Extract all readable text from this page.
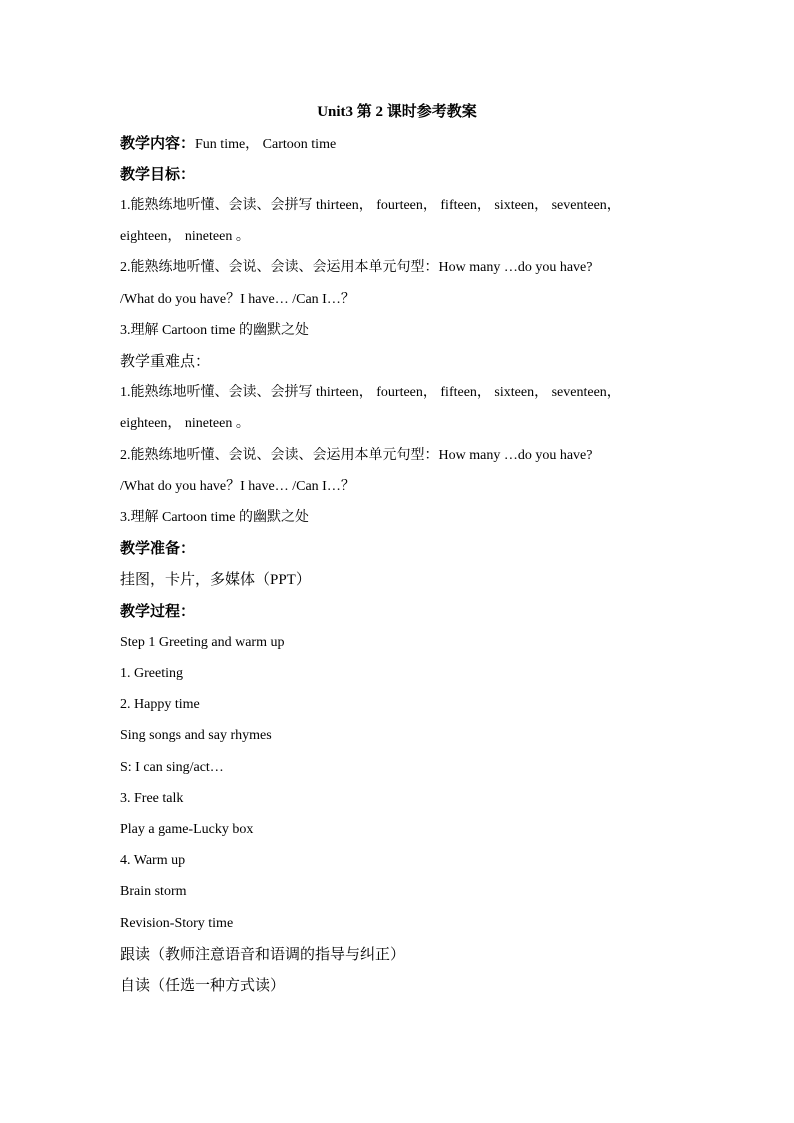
Unit3 第 2 课时参考教案
教学内容：Fun time， Cartoon time
教学目标：
1.能熟练地听懂、会读、会拼写 thirteen， fourteen， fifteen， sixteen， seventeen，
eighteen， nineteen 。
2.能熟练地听懂、会说、会读、会运用本单元句型：How many …do you have?
/What do you have？I have… /Can I…？
3.理解 Cartoon time 的幽默之处
教学重难点：
1.能熟练地听懂、会读、会拼写 thirteen， fourteen， fifteen， sixteen， seventeen，
eighteen， nineteen 。
2.能熟练地听懂、会说、会读、会运用本单元句型：How many …do you have?
/What do you have？I have… /Can I…？
3.理解 Cartoon time 的幽默之处
教学准备：
挂图，卡片，多媒体（PPT）
教学过程：
Step 1 Greeting and warm up
1. Greeting
2. Happy time
Sing songs and say rhymes
S: I can sing/act…
3. Free talk
Play a game-Lucky box
4. Warm up
Brain storm
Revision-Story time
跟读（教师注意语音和语调的指导与纠正）
自读（任选一种方式读）
